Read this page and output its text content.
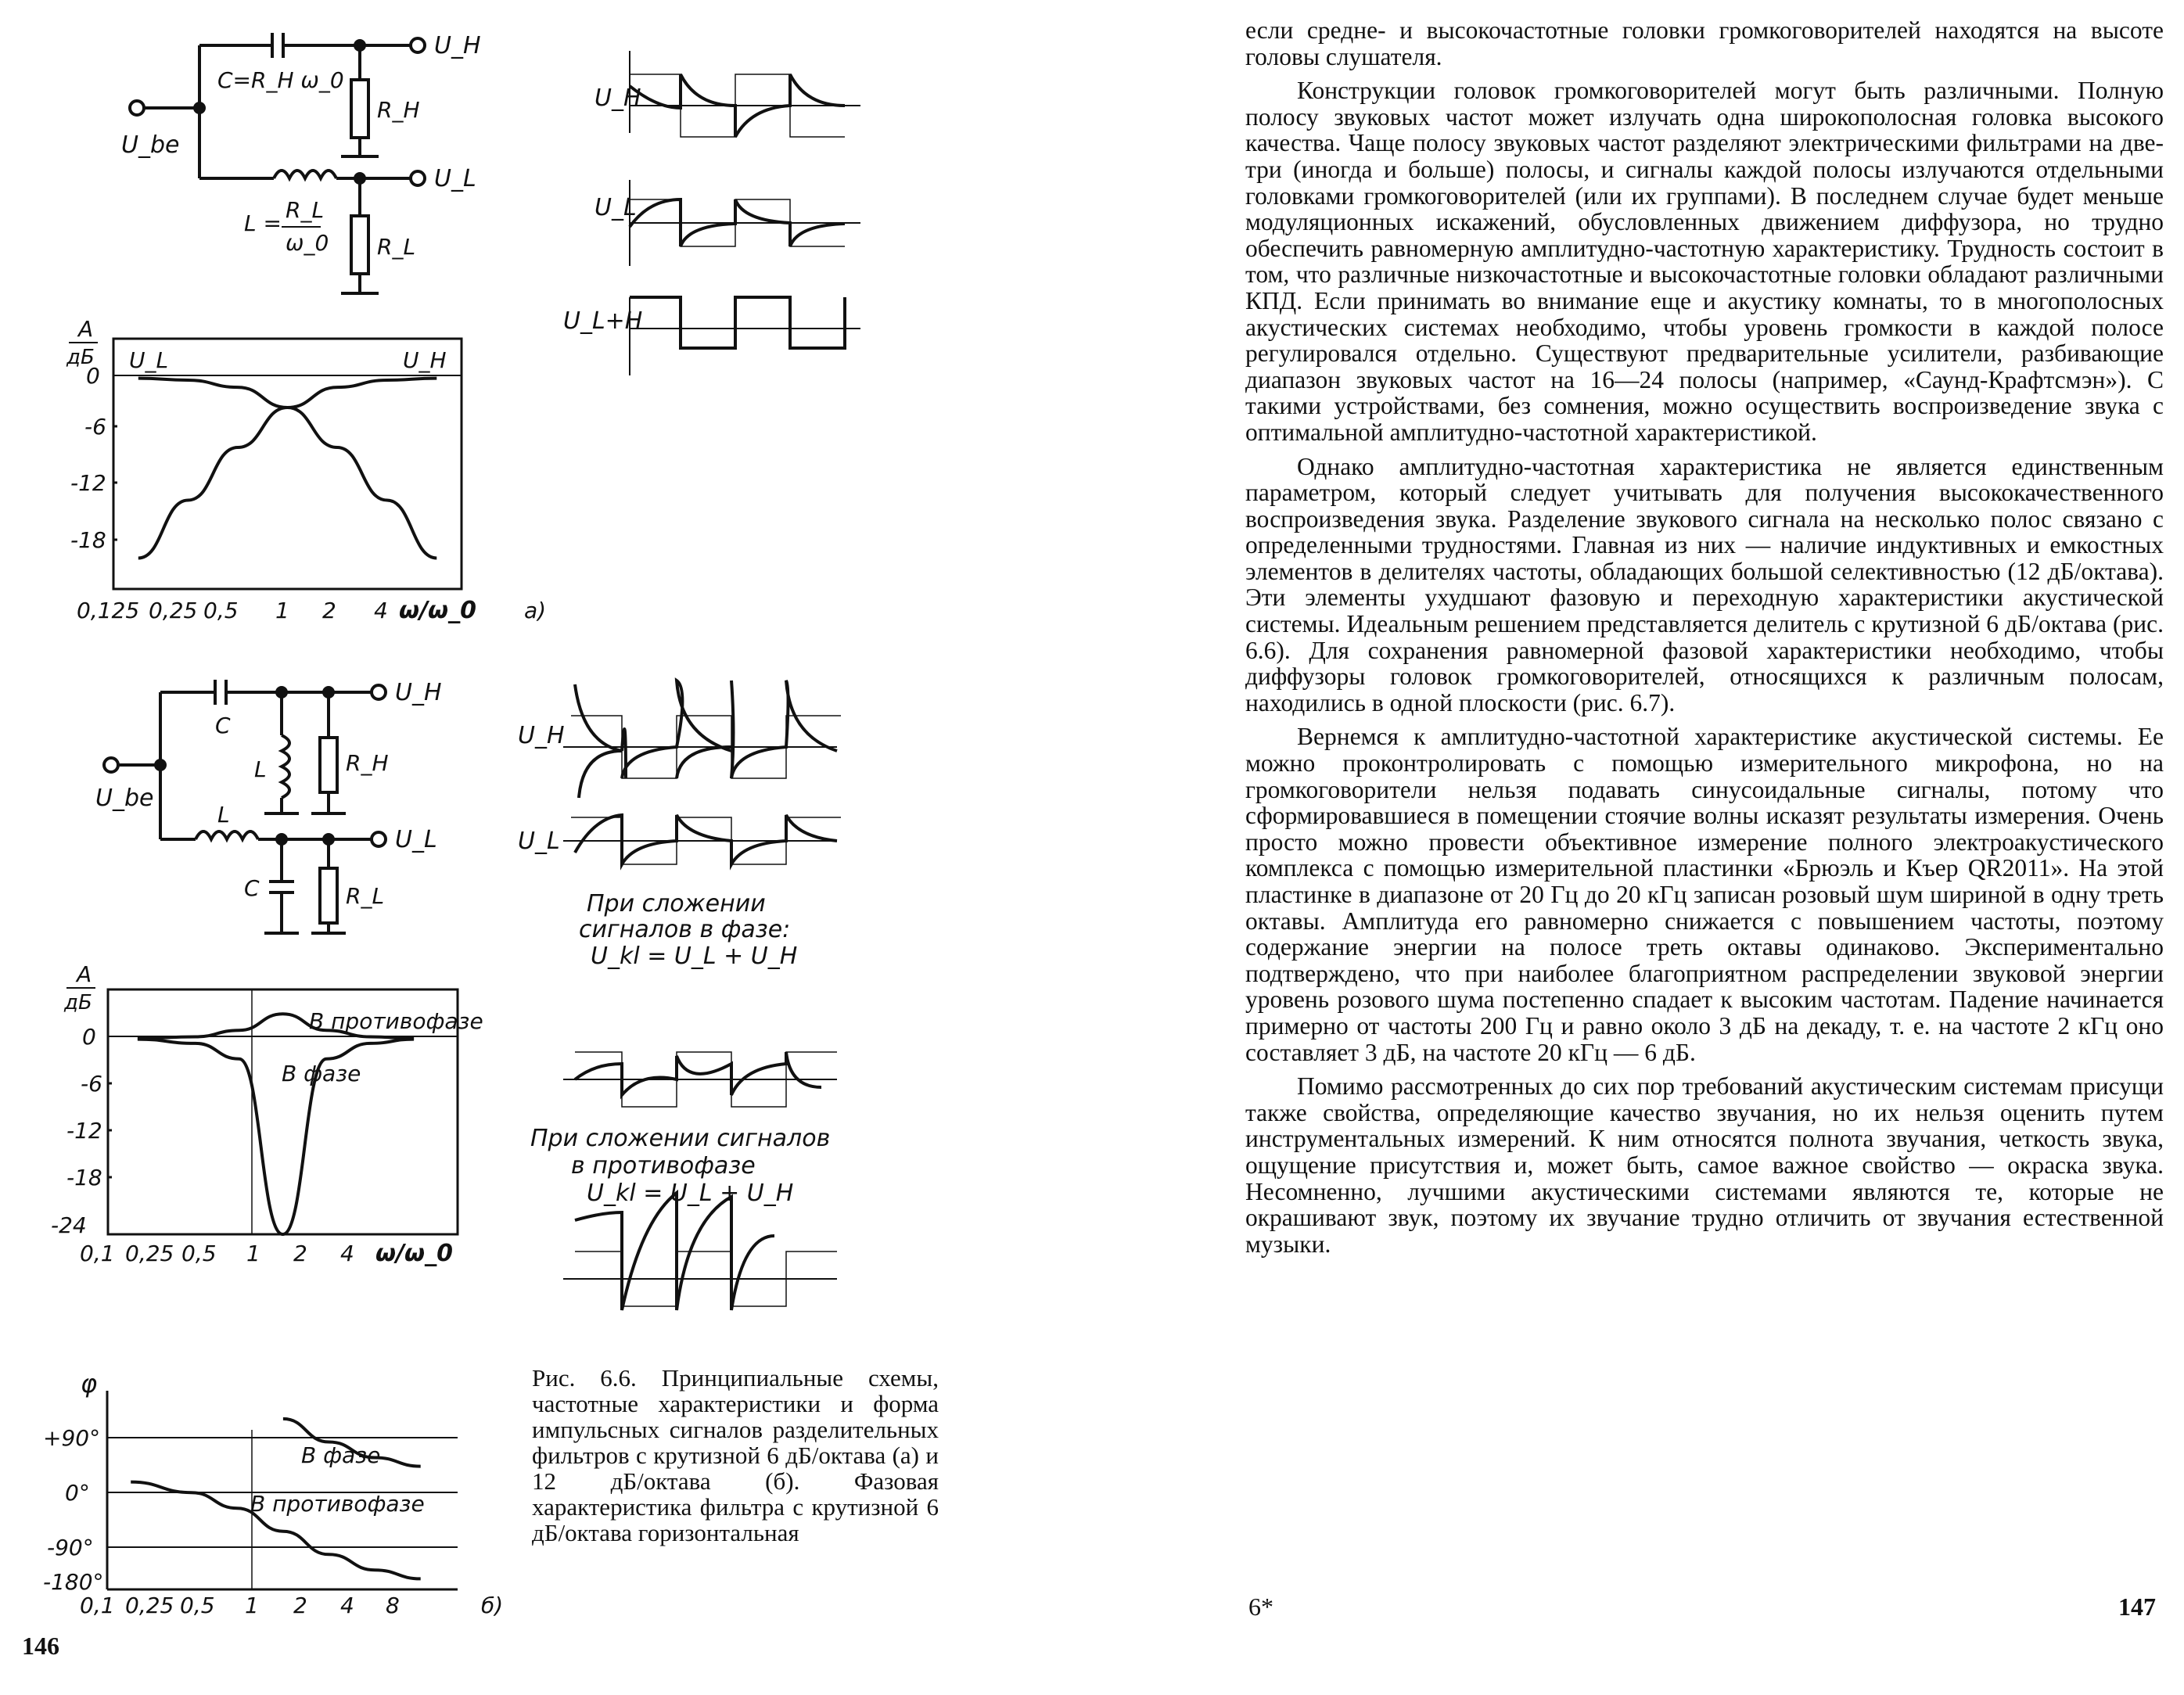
U_H
U_L
U_be
C=R_H ω_0
R_H
R_L
L =
R_L
ω_0
U_H
U_L
U_L+H
A
дБ
0
-6
-12
-18
0,125 0,25 0,5 1 2 4 ω/ω_0
U_L	U_H
а)
U_H
U_L
U_be
C
L	R_H
L
C	R_L
U_H
U_L
При сложении
сигналов в фазе:
U_kl = U_L + U_H
При сложении сигналов
в противофазе
U_kl = U_L + U_H
A
дБ
0
-6
-12
-18
-24
0,1 0,25 0,5 1 2 4 ω/ω_0
В противофазе
В фазе
φ
+90°
0°
-90°
-180°
0,1 0,25 0,5 1 2 4 8
В фазе
В противофазе
б)
Рис. 6.6. Принципиальные схемы, частотные характеристики и форма импульсных сигналов разделительных фильтров с крутизной 6 дБ/октава (а) и 12 дБ/октава (б). Фазовая характеристика фильтра с крутизной 6 дБ/октава горизонтальная
146

если средне- и высокочастотные головки громкоговорителей находятся на высоте головы слушателя.

Конструкции головок громкоговорителей могут быть различными. Полную полосу звуковых частот может излучать одна широкополосная головка высокого качества. Чаще полосу звуковых частот разделяют электрическими фильтрами на две-три (иногда и больше) полосы, и сигналы каждой полосы излучаются отдельными головками громкоговорителей (или их группами). В последнем случае будет меньше модуляционных искажений, обусловленных движением диффузора, но трудно обеспечить равномерную амплитудно-частотную характеристику. Трудность состоит в том, что различные низкочастотные и высокочастотные головки обладают различными КПД. Если принимать во внимание еще и акустику комнаты, то в многополосных акустических системах необходимо, чтобы уровень громкости в каждой полосе регулировался отдельно. Существуют предварительные усилители, разбивающие диапазон звуковых частот на 16—24 полосы (например, «Саунд-Крафтсмэн»). С такими устройствами, без сомнения, можно осуществить воспроизведение звука с оптимальной амплитудно-частотной характеристикой.

Однако амплитудно-частотная характеристика не является единственным параметром, который следует учитывать для получения высококачественного воспроизведения звука. Разделение звукового сигнала на несколько полос связано с определенными трудностями. Главная из них — наличие индуктивных и емкостных элементов в делителях частоты, обладающих большой селективностью (12 дБ/октава). Эти элементы ухудшают фазовую и переходную характеристики акустической системы. Идеальным решением представляется делитель с крутизной 6 дБ/октава (рис. 6.6). Для сохранения равномерной фазовой характеристики необходимо, чтобы диффузоры головок громкоговорителей, относящихся к различным полосам, находились в одной плоскости (рис. 6.7).

Вернемся к амплитудно-частотной характеристике акустической системы. Ее можно проконтролировать с помощью измерительного микрофона, но на громкоговорители нельзя подавать синусоидальные сигналы, потому что сформировавшиеся в помещении стоячие волны исказят результаты измерения. Очень просто можно провести объективное измерение полного электроакустического комплекса с помощью измерительной пластинки «Брюэль и Къер QR2011». На этой пластинке в диапазоне от 20 Гц до 20 кГц записан розовый шум шириной в одну треть октавы. Амплитуда его равномерно снижается с повышением частоты, поэтому содержание энергии на полосе треть октавы одинаково. Экспериментально подтверждено, что при наиболее благоприятном распределении звуковой энергии уровень розового шума постепенно спадает к высоким частотам. Падение начинается примерно от частоты 200 Гц и равно около 3 дБ на декаду, т. е. на частоте 2 кГц оно составляет 3 дБ, на частоте 20 кГц — 6 дБ.

Помимо рассмотренных до сих пор требований акустическим системам присущи также свойства, определяющие качество звучания, но их нельзя оценить путем инструментальных измерений. К ним относятся полнота звучания, четкость звука, ощущение присутствия и, может быть, самое важное свойство — окраска звука. Несомненно, лучшими акустическими системами являются те, которые не окрашивают звук, поэтому их звучание трудно отличить от звучания естественной музыки.

6*	147
